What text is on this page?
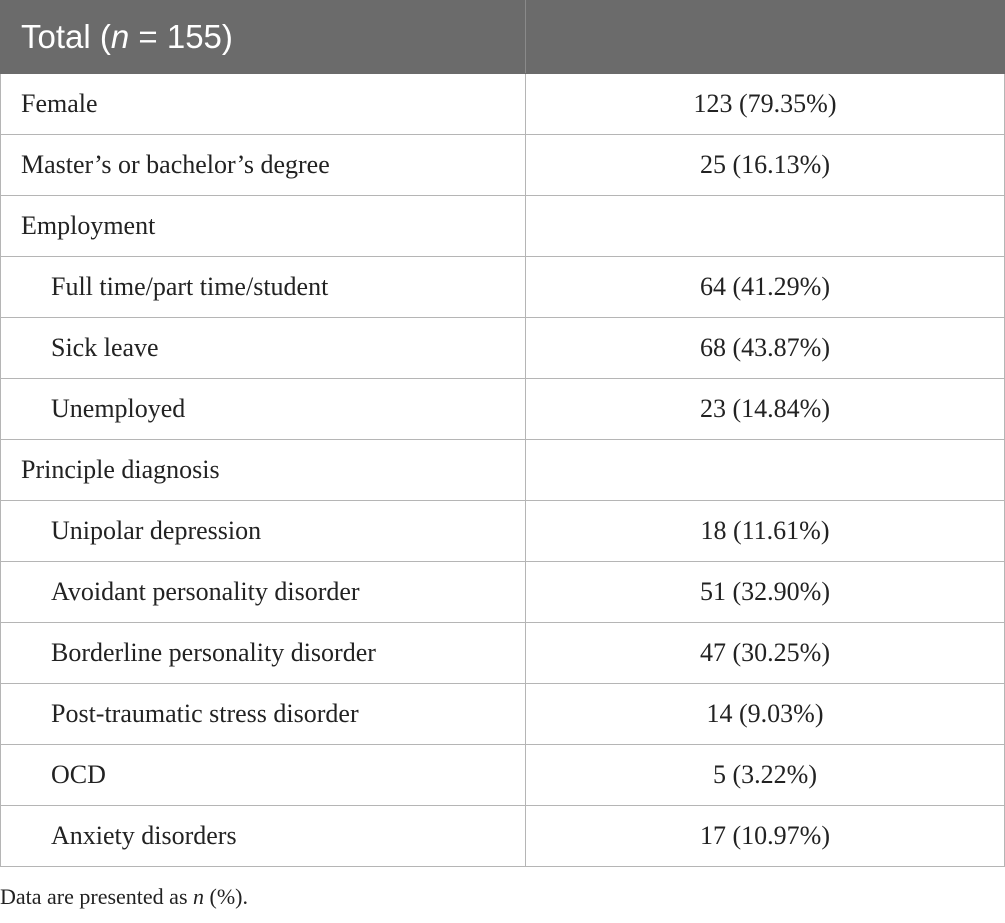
Total (n = 155)	
Female	123 (79.35%)
Master’s or bachelor’s degree	25 (16.13%)
Employment	
Full time/part time/student	64 (41.29%)
Sick leave	68 (43.87%)
Unemployed	23 (14.84%)
Principle diagnosis	
Unipolar depression	18 (11.61%)
Avoidant personality disorder	51 (32.90%)
Borderline personality disorder	47 (30.25%)
Post-traumatic stress disorder	14 (9.03%)
OCD	5 (3.22%)
Anxiety disorders	17 (10.97%)
Data are presented as n (%).
